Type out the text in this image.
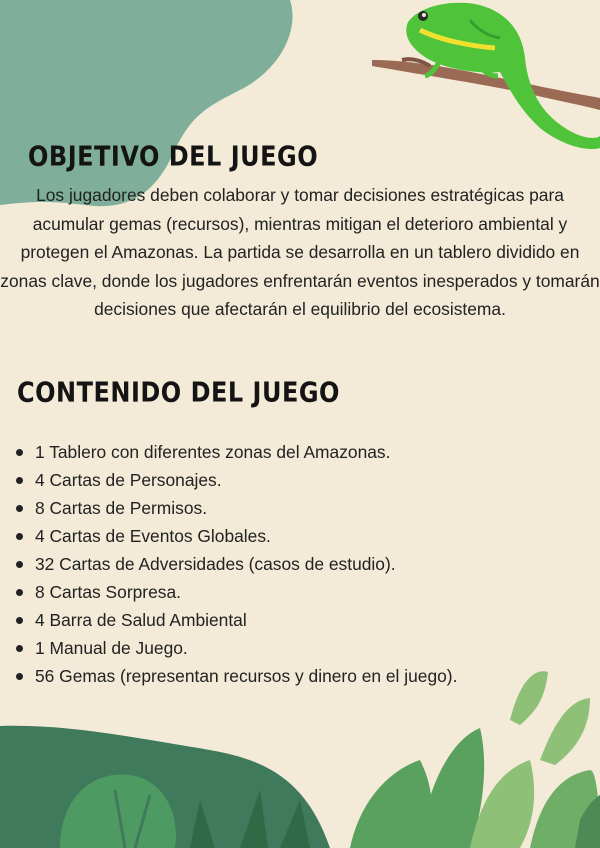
OBJETIVO DEL JUEGO

Los jugadores deben colaborar y tomar decisiones estratégicas para acumular gemas (recursos), mientras mitigan el deterioro ambiental y protegen el Amazonas. La partida se desarrolla en un tablero dividido en zonas clave, donde los jugadores enfrentarán eventos inesperados y tomarán decisiones que afectarán el equilibrio del ecosistema.

CONTENIDO DEL JUEGO
1 Tablero con diferentes zonas del Amazonas.
4 Cartas de Personajes.
8 Cartas de Permisos.
4 Cartas de Eventos Globales.
32 Cartas de Adversidades (casos de estudio).
8 Cartas Sorpresa.
4 Barra de Salud Ambiental
1 Manual de Juego.
56 Gemas (representan recursos y dinero en el juego).
